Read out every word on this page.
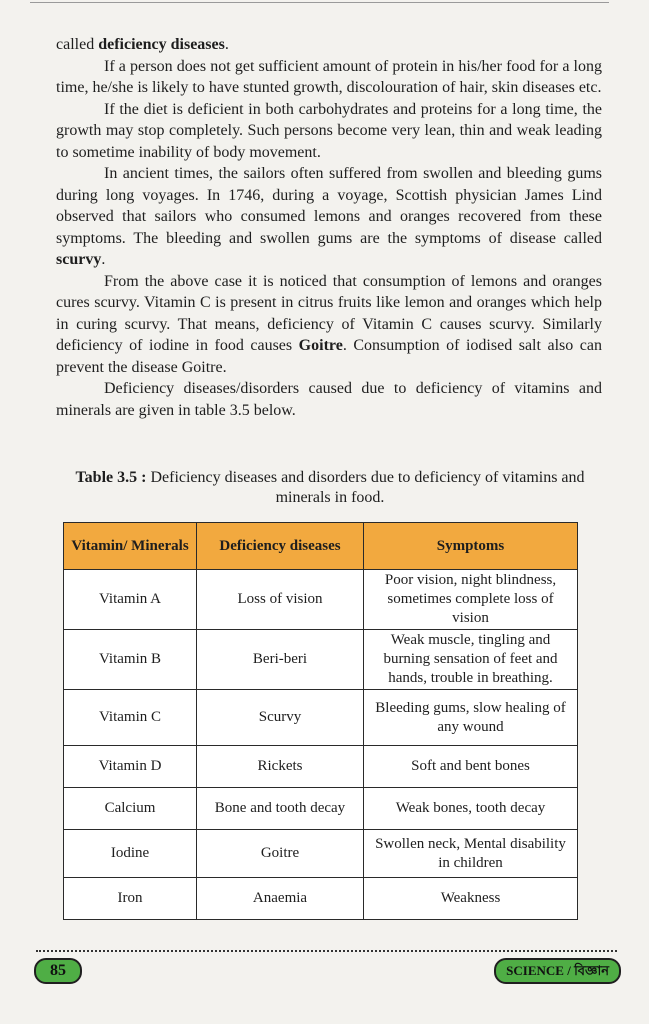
called deficiency diseases.

If a person does not get sufficient amount of protein in his/her food for a long time, he/she is likely to have stunted growth, discolouration of hair, skin diseases etc.

If the diet is deficient in both carbohydrates and proteins for a long time, the growth may stop completely. Such persons become very lean, thin and weak leading to sometime inability of body movement.

In ancient times, the sailors often suffered from swollen and bleeding gums during long voyages. In 1746, during a voyage, Scottish physician James Lind observed that sailors who consumed lemons and oranges recovered from these symptoms. The bleeding and swollen gums are the symptoms of disease called scurvy.

From the above case it is noticed that consumption of lemons and oranges cures scurvy. Vitamin C is present in citrus fruits like lemon and oranges which help in curing scurvy. That means, deficiency of Vitamin C causes scurvy. Similarly deficiency of iodine in food causes Goitre. Consumption of iodised salt also can prevent the disease Goitre.

Deficiency diseases/disorders caused due to deficiency of vitamins and minerals are given in table 3.5 below.

Table 3.5 : Deficiency diseases and disorders due to deficiency of vitamins and minerals in food.
Vitamin/ Minerals	Deficiency diseases	Symptoms
Vitamin A	Loss of vision	Poor vision, night blindness, sometimes complete loss of vision
Vitamin B	Beri-beri	Weak muscle, tingling and burning sensation of feet and hands, trouble in breathing.
Vitamin C	Scurvy	Bleeding gums, slow healing of any wound
Vitamin D	Rickets	Soft and bent bones
Calcium	Bone and tooth decay	Weak bones, tooth decay
Iodine	Goitre	Swollen neck, Mental disability in children
Iron	Anaemia	Weakness
85	SCIENCE / বিজ্ঞান
